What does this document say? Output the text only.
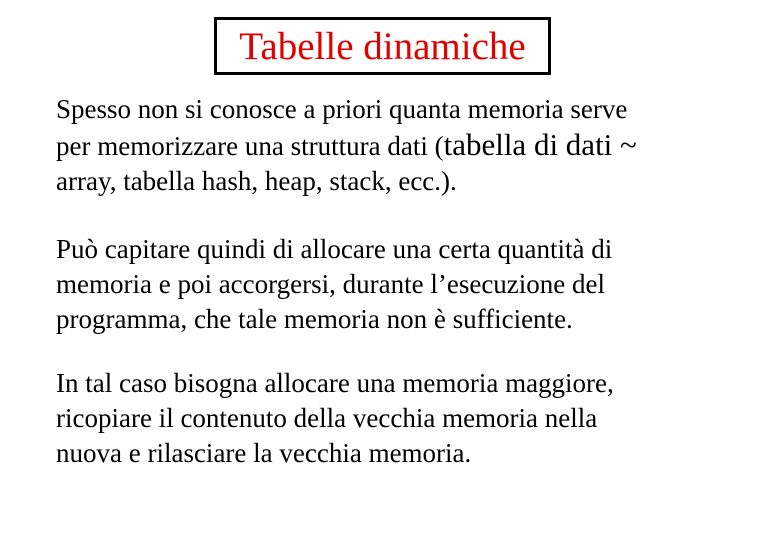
Tabelle dinamiche
Spesso non si conosce a priori quanta memoria serve
per memorizzare una struttura dati (tabella di dati ~
array, tabella hash, heap, stack, ecc.).
Può capitare quindi di allocare una certa quantità di
memoria e poi accorgersi, durante l’esecuzione del
programma, che tale memoria non è sufficiente.
In tal caso bisogna allocare una memoria maggiore,
ricopiare il contenuto della vecchia memoria nella
nuova e rilasciare la vecchia memoria.
